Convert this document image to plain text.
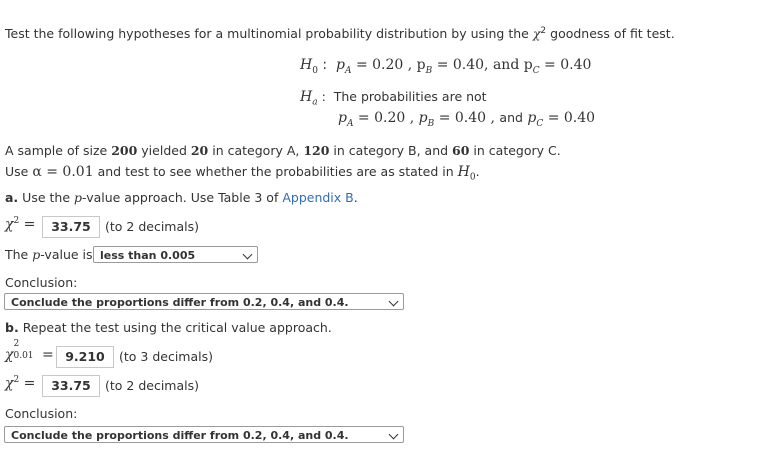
Test the following hypotheses for a multinomial probability distribution by using the $\chi^2$ goodness of fit test.
$H_0$ : $p_A = 0.20$ , $p_B = 0.40$, and $p_C = 0.40$
$H_a$ : The probabilities are not
$p_A = 0.20$ , $p_B = 0.40$ , and $p_C = 0.40$
A sample of size 200 yielded 20 in category A, 120 in category B, and 60 in category C.
Use α = 0.01 and test to see whether the probabilities are as stated in $H_0$.
a. Use the p-value approach. Use Table 3 of Appendix B.
$\chi^2$ =	33.75	(to 2 decimals)
The p-value is less than 0.005
Conclusion:
Conclude the proportions differ from 0.2, 0.4, and 0.4.
b. Repeat the test using the critical value approach.
χ
2
0.01 = 9.210	(to 3 decimals)
$\chi^2$ =	33.75	(to 2 decimals)
Conclusion:
Conclude the proportions differ from 0.2, 0.4, and 0.4.
